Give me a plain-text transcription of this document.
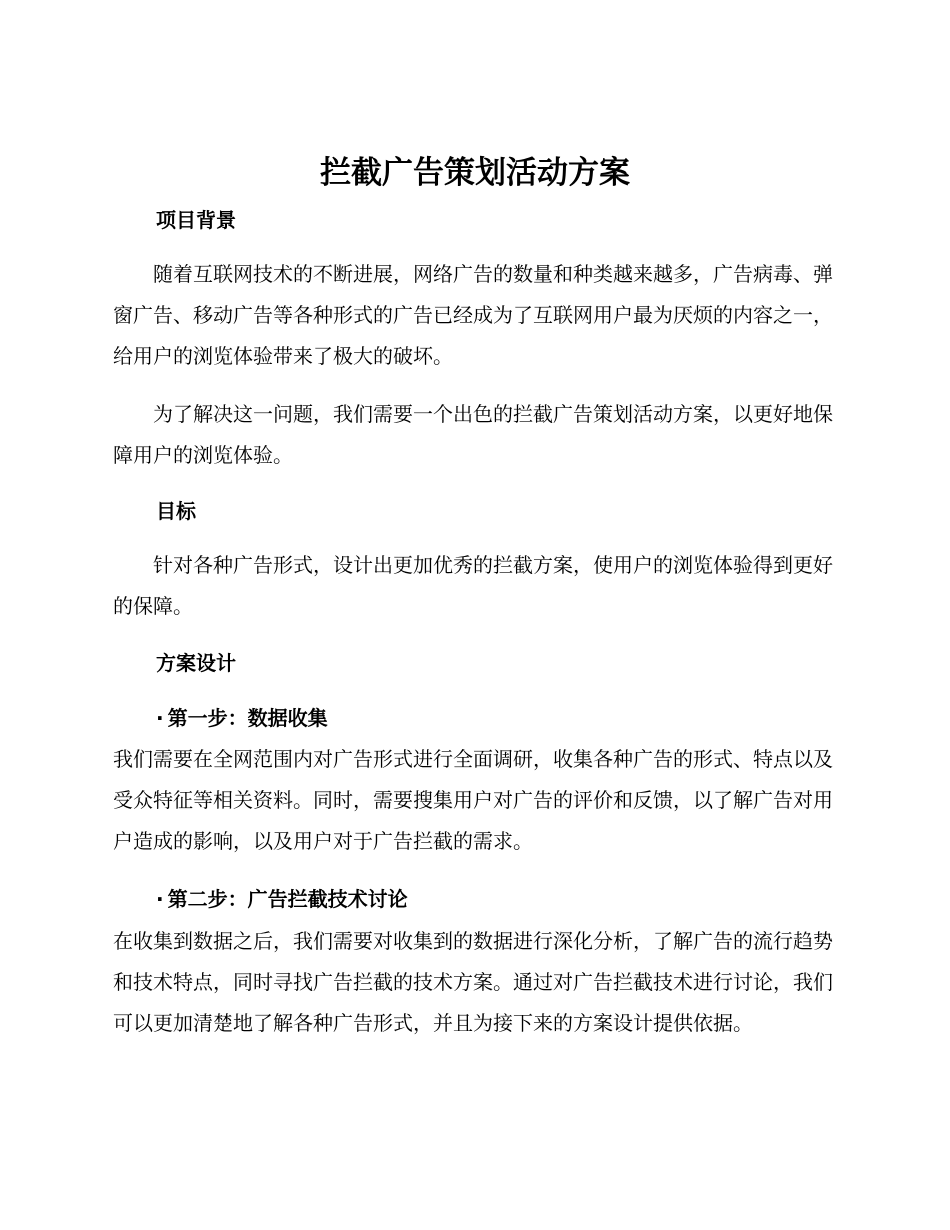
拦截广告策划活动方案
项目背景

随着互联网技术的不断进展，网络广告的数量和种类越来越多，广告病毒、弹窗广告、移动广告等各种形式的广告已经成为了互联网用户最为厌烦的内容之一，给用户的浏览体验带来了极大的破坏。

为了解决这一问题，我们需要一个出色的拦截广告策划活动方案，以更好地保障用户的浏览体验。

目标

针对各种广告形式，设计出更加优秀的拦截方案，使用户的浏览体验得到更好的保障。

方案设计
· 第一步：数据收集

我们需要在全网范围内对广告形式进行全面调研，收集各种广告的形式、特点以及受众特征等相关资料。同时，需要搜集用户对广告的评价和反馈，以了解广告对用户造成的影响，以及用户对于广告拦截的需求。

· 第二步：广告拦截技术讨论

在收集到数据之后，我们需要对收集到的数据进行深化分析，了解广告的流行趋势和技术特点，同时寻找广告拦截的技术方案。通过对广告拦截技术进行讨论，我们可以更加清楚地了解各种广告形式，并且为接下来的方案设计提供依据。
